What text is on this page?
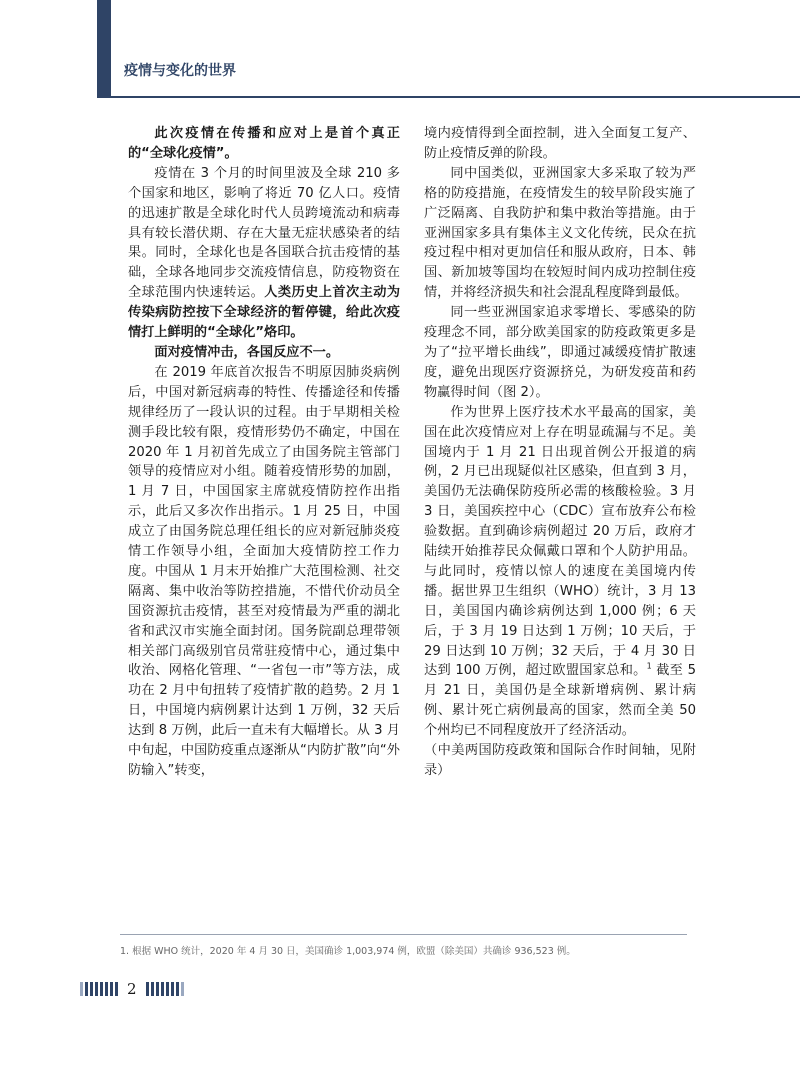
疫情与变化的世界

此次疫情在传播和应对上是首个真正的“全球化疫情”。

疫情在 3 个月的时间里波及全球 210 多个国家和地区，影响了将近 70 亿人口。疫情的迅速扩散是全球化时代人员跨境流动和病毒具有较长潜伏期、存在大量无症状感染者的结果。同时，全球化也是各国联合抗击疫情的基础，全球各地同步交流疫情信息，防疫物资在全球范围内快速转运。人类历史上首次主动为传染病防控按下全球经济的暂停键，给此次疫情打上鲜明的“全球化”烙印。

面对疫情冲击，各国反应不一。

在 2019 年底首次报告不明原因肺炎病例后，中国对新冠病毒的特性、传播途径和传播规律经历了一段认识的过程。由于早期相关检测手段比较有限，疫情形势仍不确定，中国在 2020 年 1 月初首先成立了由国务院主管部门领导的疫情应对小组。随着疫情形势的加剧，1 月 7 日，中国国家主席就疫情防控作出指示，此后又多次作出指示。1 月 25 日，中国成立了由国务院总理任组长的应对新冠肺炎疫情工作领导小组，全面加大疫情防控工作力度。中国从 1 月末开始推广大范围检测、社交隔离、集中收治等防控措施，不惜代价动员全国资源抗击疫情，甚至对疫情最为严重的湖北省和武汉市实施全面封闭。国务院副总理带领相关部门高级别官员常驻疫情中心，通过集中收治、网格化管理、“一省包一市”等方法，成功在 2 月中旬扭转了疫情扩散的趋势。2 月 1 日，中国境内病例累计达到 1 万例，32 天后达到 8 万例，此后一直未有大幅增长。从 3 月中旬起，中国防疫重点逐渐从“内防扩散”向“外防输入”转变，

境内疫情得到全面控制，进入全面复工复产、防止疫情反弹的阶段。

同中国类似，亚洲国家大多采取了较为严格的防疫措施，在疫情发生的较早阶段实施了广泛隔离、自我防护和集中救治等措施。由于亚洲国家多具有集体主义文化传统，民众在抗疫过程中相对更加信任和服从政府，日本、韩国、新加坡等国均在较短时间内成功控制住疫情，并将经济损失和社会混乱程度降到最低。

同一些亚洲国家追求零增长、零感染的防疫理念不同，部分欧美国家的防疫政策更多是为了“拉平增长曲线”，即通过减缓疫情扩散速度，避免出现医疗资源挤兑，为研发疫苗和药物赢得时间（图 2）。

作为世界上医疗技术水平最高的国家，美国在此次疫情应对上存在明显疏漏与不足。美国境内于 1 月 21 日出现首例公开报道的病例，2 月已出现疑似社区感染，但直到 3 月，美国仍无法确保防疫所必需的核酸检验。3 月 3 日，美国疾控中心（CDC）宣布放弃公布检验数据。直到确诊病例超过 20 万后，政府才陆续开始推荐民众佩戴口罩和个人防护用品。与此同时，疫情以惊人的速度在美国境内传播。据世界卫生组织（WHO）统计，3 月 13 日，美国国内确诊病例达到 1,000 例；6 天后，于 3 月 19 日达到 1 万例；10 天后，于 29 日达到 10 万例；32 天后，于 4 月 30 日达到 100 万例，超过欧盟国家总和。$^1$ 截至 5 月 21 日，美国仍是全球新增病例、累计病例、累计死亡病例最高的国家，然而全美 50 个州均已不同程度放开了经济活动。

（中美两国防疫政策和国际合作时间轴，见附录）

1. 根据 WHO 统计，2020 年 4 月 30 日，美国确诊 1,003,974 例，欧盟（除美国）共确诊 936,523 例。
2
